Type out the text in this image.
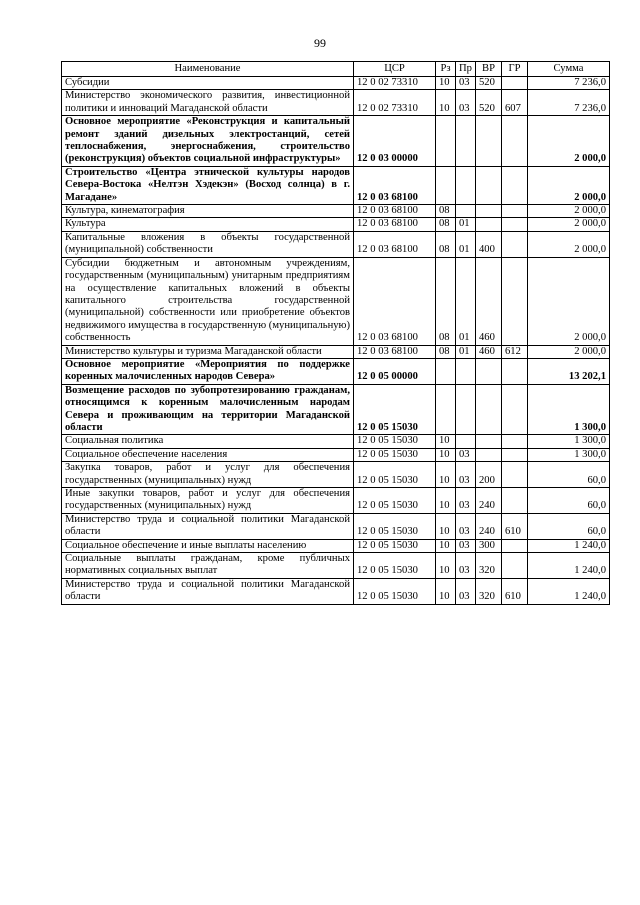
99
Наименование	ЦСР	Рз	Пр	ВР	ГР	Сумма
Субсидии	12 0 02 73310	10	03	520		7 236,0
Министерство экономического развития, инвестиционной политики и инноваций Магаданской области	12 0 02 73310	10	03	520	607	7 236,0
Основное мероприятие «Реконструкция и капитальный ремонт зданий дизельных электростанций, сетей теплоснабжения, энергоснабжения, строительство (реконструкция) объектов социальной инфраструктуры»	12 0 03 00000					2 000,0
Строительство «Центра этнической культуры народов Севера-Востока «Нелтэн Хэдекэн» (Восход солнца) в г. Магадане»	12 0 03 68100					2 000,0
Культура, кинематография	12 0 03 68100	08				2 000,0
Культура	12 0 03 68100	08	01			2 000,0
Капитальные вложения в объекты государственной (муниципальной) собственности	12 0 03 68100	08	01	400		2 000,0
Субсидии бюджетным и автономным учреждениям, государственным (муниципальным) унитарным предприятиям на осуществление капитальных вложений в объекты капитального строительства государственной (муниципальной) собственности или приобретение объектов недвижимого имущества в государственную (муниципальную) собственность	12 0 03 68100	08	01	460		2 000,0
Министерство культуры и туризма Магаданской области	12 0 03 68100	08	01	460	612	2 000,0
Основное мероприятие «Мероприятия по поддержке коренных малочисленных народов Севера»	12 0 05 00000					13 202,1
Возмещение расходов по зубопротезированию гражданам, относящимся к коренным малочисленным народам Севера и проживающим на территории Магаданской области	12 0 05 15030					1 300,0
Социальная политика	12 0 05 15030	10				1 300,0
Социальное обеспечение населения	12 0 05 15030	10	03			1 300,0
Закупка товаров, работ и услуг для обеспечения государственных (муниципальных) нужд	12 0 05 15030	10	03	200		60,0
Иные закупки товаров, работ и услуг для обеспечения государственных (муниципальных) нужд	12 0 05 15030	10	03	240		60,0
Министерство труда и социальной политики Магаданской области	12 0 05 15030	10	03	240	610	60,0
Социальное обеспечение и иные выплаты населению	12 0 05 15030	10	03	300		1 240,0
Социальные выплаты гражданам, кроме публичных нормативных социальных выплат	12 0 05 15030	10	03	320		1 240,0
Министерство труда и социальной политики Магаданской области	12 0 05 15030	10	03	320	610	1 240,0
